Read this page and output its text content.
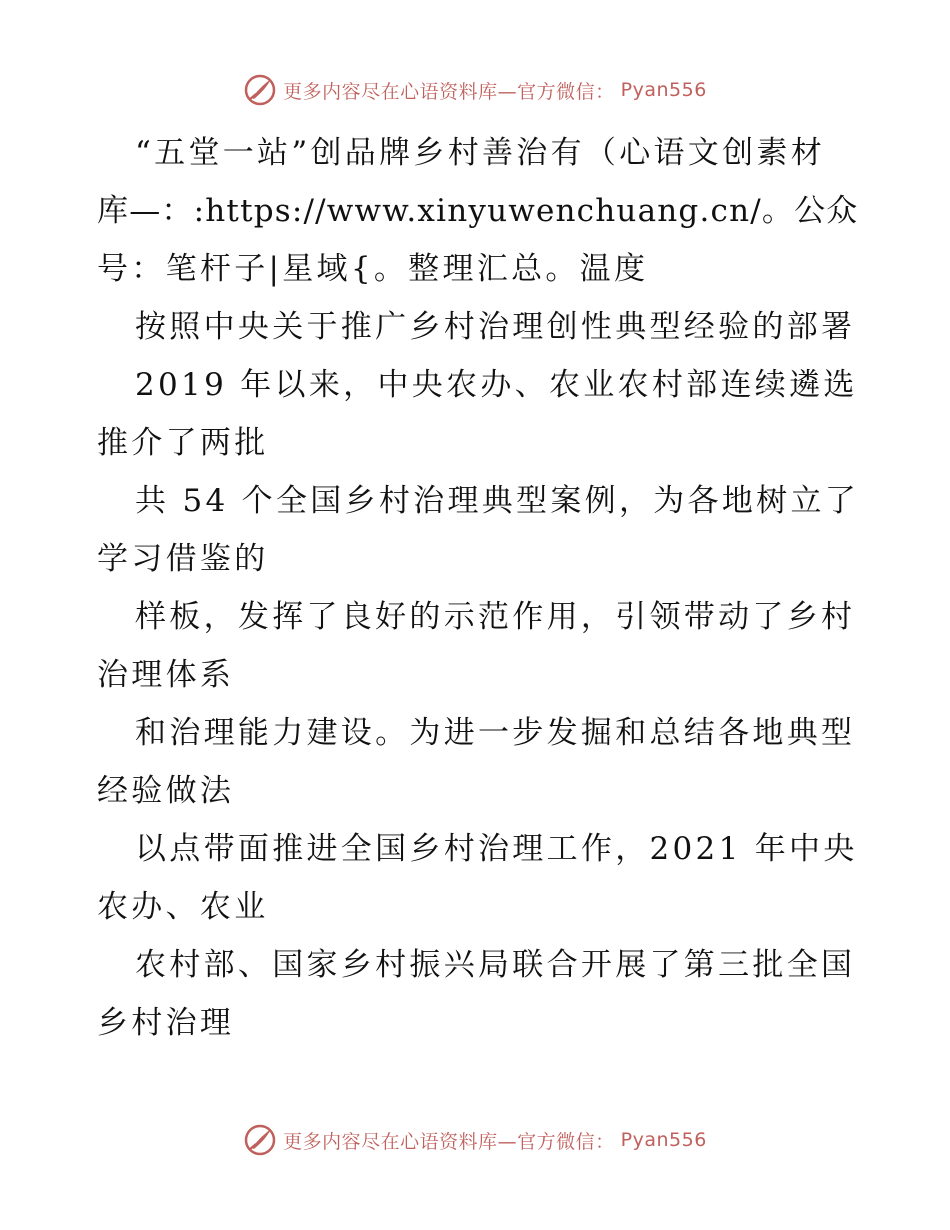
更多内容尽在心语资料库—官方微信： Pyan556
“五堂一站”创品牌乡村善治有（心语文创素材
库—：:https://www.xinyuwenchuang.cn/。公众
号：笔杆子|星域{。整理汇总。温度
按照中央关于推广乡村治理创性典型经验的部署
2019 年以来，中央农办、农业农村部连续遴选
推介了两批
共 54 个全国乡村治理典型案例，为各地树立了
学习借鉴的
样板，发挥了良好的示范作用，引领带动了乡村
治理体系
和治理能力建设。为进一步发掘和总结各地典型
经验做法
以点带面推进全国乡村治理工作，2021 年中央
农办、农业
农村部、国家乡村振兴局联合开展了第三批全国
乡村治理
更多内容尽在心语资料库—官方微信： Pyan556
